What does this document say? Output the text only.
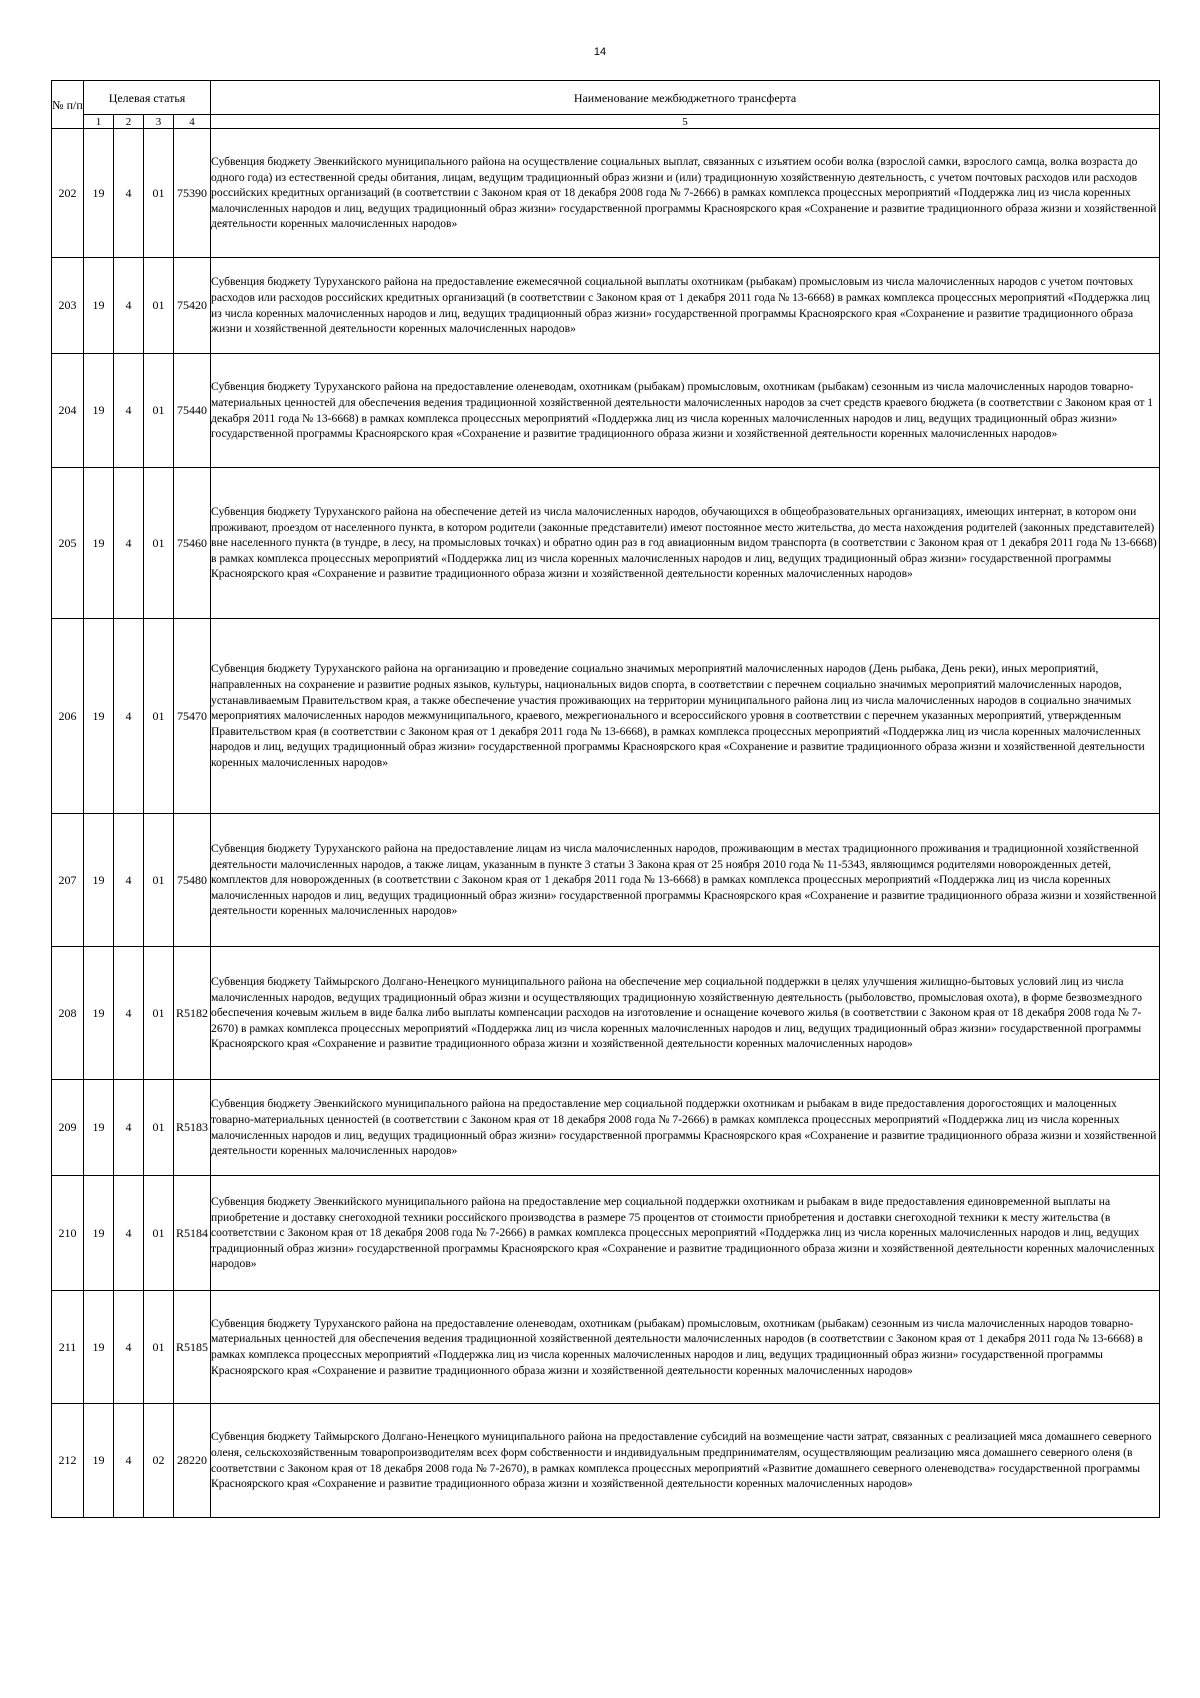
14
№ п/п	Целевая статья				Наименование межбюджетного трансферта
	1	2	3	4	5
202	19	4	01	75390	Субвенция бюджету Эвенкийского муниципального района на осуществление социальных выплат, связанных с изъятием особи волка (взрослой самки, взрослого самца, волка возраста до одного года) из естественной среды обитания, лицам, ведущим традиционный образ жизни и (или) традиционную хозяйственную деятельность, с учетом почтовых расходов или расходов российских кредитных организаций (в соответствии с Законом края от 18 декабря 2008 года № 7-2666) в рамках комплекса процессных мероприятий «Поддержка лиц из числа коренных малочисленных народов и лиц, ведущих традиционный образ жизни» государственной программы Красноярского края «Сохранение и развитие традиционного образа жизни и хозяйственной деятельности коренных малочисленных народов»
203	19	4	01	75420	Субвенция бюджету Туруханского района на предоставление ежемесячной социальной выплаты охотникам (рыбакам) промысловым из числа малочисленных народов с учетом почтовых расходов или расходов российских кредитных организаций (в соответствии с Законом края от 1 декабря 2011 года № 13-6668) в рамках комплекса процессных мероприятий «Поддержка лиц из числа коренных малочисленных народов и лиц, ведущих традиционный образ жизни» государственной программы Красноярского края «Сохранение и развитие традиционного образа жизни и хозяйственной деятельности коренных малочисленных народов»
204	19	4	01	75440	Субвенция бюджету Туруханского района на предоставление оленеводам, охотникам (рыбакам) промысловым, охотникам (рыбакам) сезонным из числа малочисленных народов товарно-материальных ценностей для обеспечения ведения традиционной хозяйственной деятельности малочисленных народов за счет средств краевого бюджета (в соответствии с Законом края от 1 декабря 2011 года № 13-6668) в рамках комплекса процессных мероприятий «Поддержка лиц из числа коренных малочисленных народов и лиц, ведущих традиционный образ жизни» государственной программы Красноярского края «Сохранение и развитие традиционного образа жизни и хозяйственной деятельности коренных малочисленных народов»
205	19	4	01	75460	Субвенция бюджету Туруханского района на обеспечение детей из числа малочисленных народов, обучающихся в общеобразовательных организациях, имеющих интернат, в котором они проживают, проездом от населенного пункта, в котором родители (законные представители) имеют постоянное место жительства, до места нахождения родителей (законных представителей) вне населенного пункта (в тундре, в лесу, на промысловых точках) и обратно один раз в год авиационным видом транспорта (в соответствии с Законом края от 1 декабря 2011 года № 13-6668) в рамках комплекса процессных мероприятий «Поддержка лиц из числа коренных малочисленных народов и лиц, ведущих традиционный образ жизни» государственной программы Красноярского края «Сохранение и развитие традиционного образа жизни и хозяйственной деятельности коренных малочисленных народов»
206	19	4	01	75470	Субвенция бюджету Туруханского района на организацию и проведение социально значимых мероприятий малочисленных народов (День рыбака, День реки), иных мероприятий, направленных на сохранение и развитие родных языков, культуры, национальных видов спорта, в соответствии с перечнем социально значимых мероприятий малочисленных народов, устанавливаемым Правительством края, а также обеспечение участия проживающих на территории муниципального района лиц из числа малочисленных народов в социально значимых мероприятиях малочисленных народов межмуниципального, краевого, межрегионального и всероссийского уровня в соответствии с перечнем указанных мероприятий, утвержденным Правительством края (в соответствии с Законом края от 1 декабря 2011 года № 13-6668), в рамках комплекса процессных мероприятий «Поддержка лиц из числа коренных малочисленных народов и лиц, ведущих традиционный образ жизни» государственной программы Красноярского края «Сохранение и развитие традиционного образа жизни и хозяйственной деятельности коренных малочисленных народов»
207	19	4	01	75480	Субвенция бюджету Туруханского района на предоставление лицам из числа малочисленных народов, проживающим в местах традиционного проживания и традиционной хозяйственной деятельности малочисленных народов, а также лицам, указанным в пункте 3 статьи 3 Закона края от 25 ноября 2010 года № 11-5343, являющимся родителями новорожденных детей, комплектов для новорожденных (в соответствии с Законом края от 1 декабря 2011 года № 13-6668) в рамках комплекса процессных мероприятий «Поддержка лиц из числа коренных малочисленных народов и лиц, ведущих традиционный образ жизни» государственной программы Красноярского края «Сохранение и развитие традиционного образа жизни и хозяйственной деятельности коренных малочисленных народов»
208	19	4	01	R5182	Субвенция бюджету Таймырского Долгано-Ненецкого муниципального района на обеспечение мер социальной поддержки в целях улучшения жилищно-бытовых условий лиц из числа малочисленных народов, ведущих традиционный образ жизни и осуществляющих традиционную хозяйственную деятельность (рыболовство, промысловая охота), в форме безвозмездного обеспечения кочевым жильем в виде балка либо выплаты компенсации расходов на изготовление и оснащение кочевого жилья (в соответствии с Законом края от 18 декабря 2008 года № 7-2670) в рамках комплекса процессных мероприятий «Поддержка лиц из числа коренных малочисленных народов и лиц, ведущих традиционный образ жизни» государственной программы Красноярского края «Сохранение и развитие традиционного образа жизни и хозяйственной деятельности коренных малочисленных народов»
209	19	4	01	R5183	Субвенция бюджету Эвенкийского муниципального района на предоставление мер социальной поддержки охотникам и рыбакам в виде предоставления дорогостоящих и малоценных товарно-материальных ценностей (в соответствии с Законом края от 18 декабря 2008 года № 7-2666) в рамках комплекса процессных мероприятий «Поддержка лиц из числа коренных малочисленных народов и лиц, ведущих традиционный образ жизни» государственной программы Красноярского края «Сохранение и развитие традиционного образа жизни и хозяйственной деятельности коренных малочисленных народов»
210	19	4	01	R5184	Субвенция бюджету Эвенкийского муниципального района на предоставление мер социальной поддержки охотникам и рыбакам в виде предоставления единовременной выплаты на приобретение и доставку снегоходной техники российского производства в размере 75 процентов от стоимости приобретения и доставки снегоходной техники к месту жительства (в соответствии с Законом края от 18 декабря 2008 года № 7-2666) в рамках комплекса процессных мероприятий «Поддержка лиц из числа коренных малочисленных народов и лиц, ведущих традиционный образ жизни» государственной программы Красноярского края «Сохранение и развитие традиционного образа жизни и хозяйственной деятельности коренных малочисленных народов»
211	19	4	01	R5185	Субвенция бюджету Туруханского района на предоставление оленеводам, охотникам (рыбакам) промысловым, охотникам (рыбакам) сезонным из числа малочисленных народов товарно-материальных ценностей для обеспечения ведения традиционной хозяйственной деятельности малочисленных народов (в соответствии с Законом края от 1 декабря 2011 года № 13-6668) в рамках комплекса процессных мероприятий «Поддержка лиц из числа коренных малочисленных народов и лиц, ведущих традиционный образ жизни» государственной программы Красноярского края «Сохранение и развитие традиционного образа жизни и хозяйственной деятельности коренных малочисленных народов»
212	19	4	02	28220	Субвенция бюджету Таймырского Долгано-Ненецкого муниципального района на предоставление субсидий на возмещение части затрат, связанных с реализацией мяса домашнего северного оленя, сельскохозяйственным товаропроизводителям всех форм собственности и индивидуальным предпринимателям, осуществляющим реализацию мяса домашнего северного оленя (в соответствии с Законом края от 18 декабря 2008 года № 7-2670), в рамках комплекса процессных мероприятий «Развитие домашнего северного оленеводства» государственной программы Красноярского края «Сохранение и развитие традиционного образа жизни и хозяйственной деятельности коренных малочисленных народов»
